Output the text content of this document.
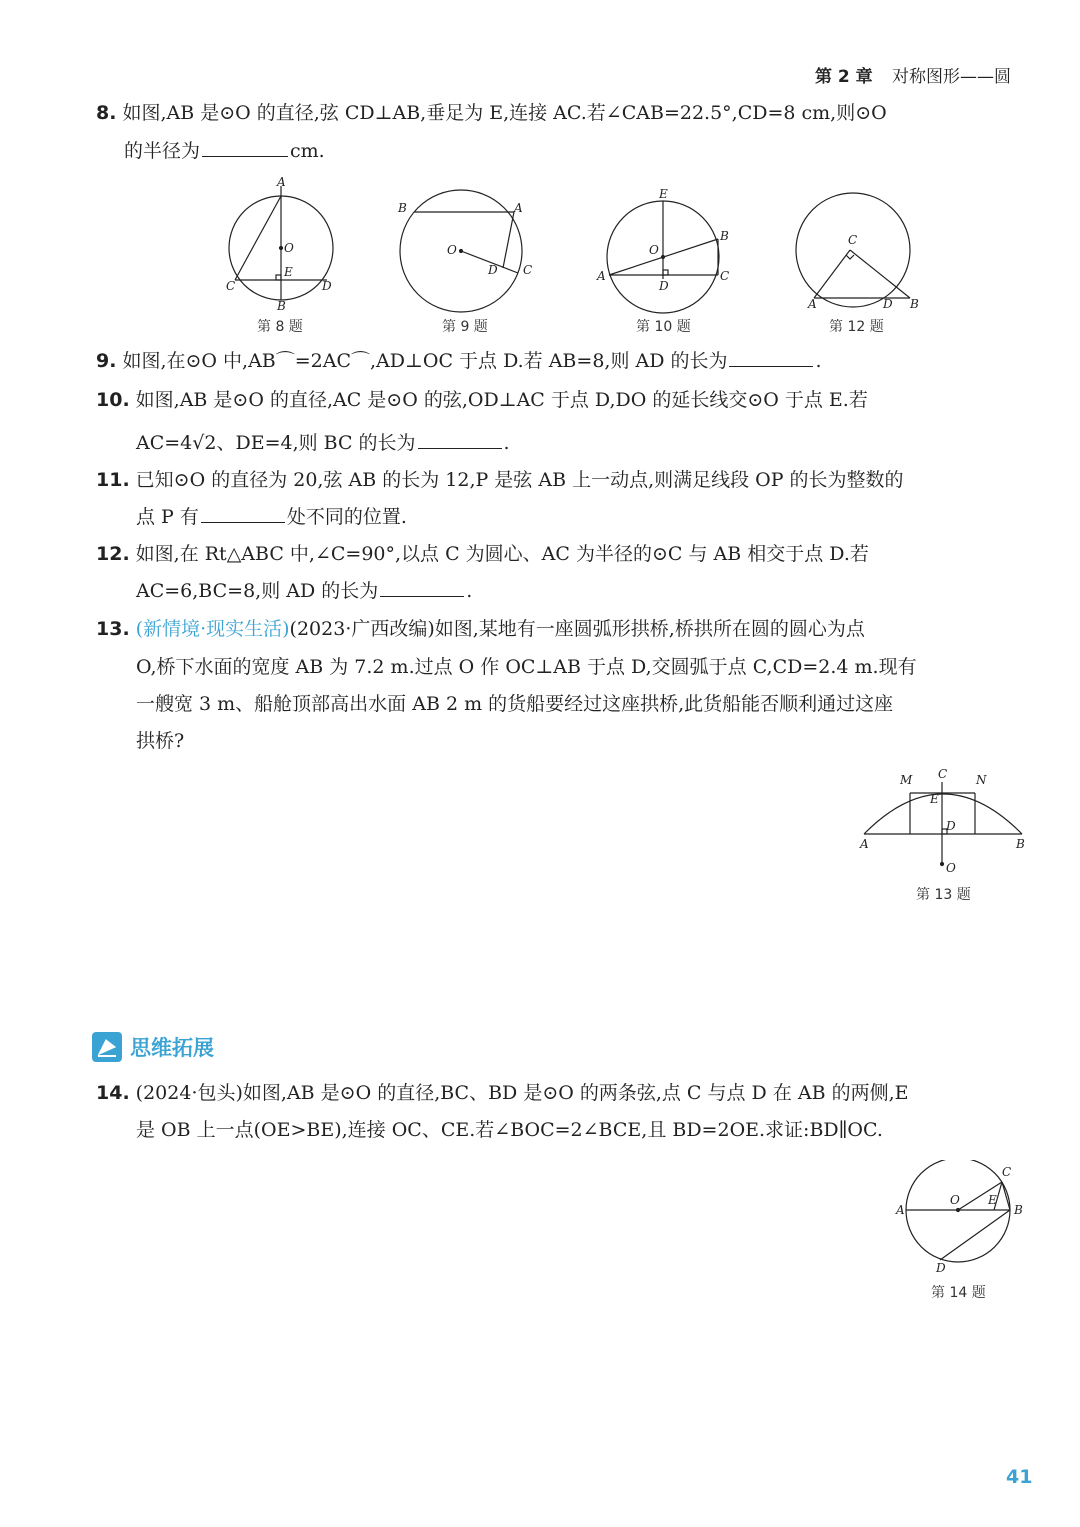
第 2 章 对称图形——圆
8. 如图,AB 是⊙O 的直径,弦 CD⊥AB,垂足为 E,连接 AC.若∠CAB=22.5°,CD=8 cm,则⊙O
的半径为	cm.
A
O
E
C	D
B
第 8 题
B	A
O
D C
第 9 题
E
B
O
A	C
D
第 10 题
C
A	D B
第 12 题
9. 如图,在⊙O 中,AB⌒=2AC⌒,AD⊥OC 于点 D.若 AB=8,则 AD 的长为	.
10. 如图,AB 是⊙O 的直径,AC 是⊙O 的弦,OD⊥AC 于点 D,DO 的延长线交⊙O 于点 E.若
AC=4√2、DE=4,则 BC 的长为	.
11. 已知⊙O 的直径为 20,弦 AB 的长为 12,P 是弦 AB 上一动点,则满足线段 OP 的长为整数的
点 P 有	处不同的位置.
12. 如图,在 Rt△ABC 中,∠C=90°,以点 C 为圆心、AC 为半径的⊙C 与 AB 相交于点 D.若
AC=6,BC=8,则 AD 的长为	.
13. (新情境·现实生活)(2023·广西改编)如图,某地有一座圆弧形拱桥,桥拱所在圆的圆心为点
O,桥下水面的宽度 AB 为 7.2 m.过点 O 作 OC⊥AB 于点 D,交圆弧于点 C,CD=2.4 m.现有
一艘宽 3 m、船舱顶部高出水面 AB 2 m 的货船要经过这座拱桥,此货船能否顺利通过这座
拱桥?
M C N
E
D
A	B
O
第 13 题
思维拓展
14. (2024·包头)如图,AB 是⊙O 的直径,BC、BD 是⊙O 的两条弦,点 C 与点 D 在 AB 的两侧,E
是 OB 上一点(OE>BE),连接 OC、CE.若∠BOC=2∠BCE,且 BD=2OE.求证:BD∥OC.
C
O E
A	B
D
第 14 题
41
